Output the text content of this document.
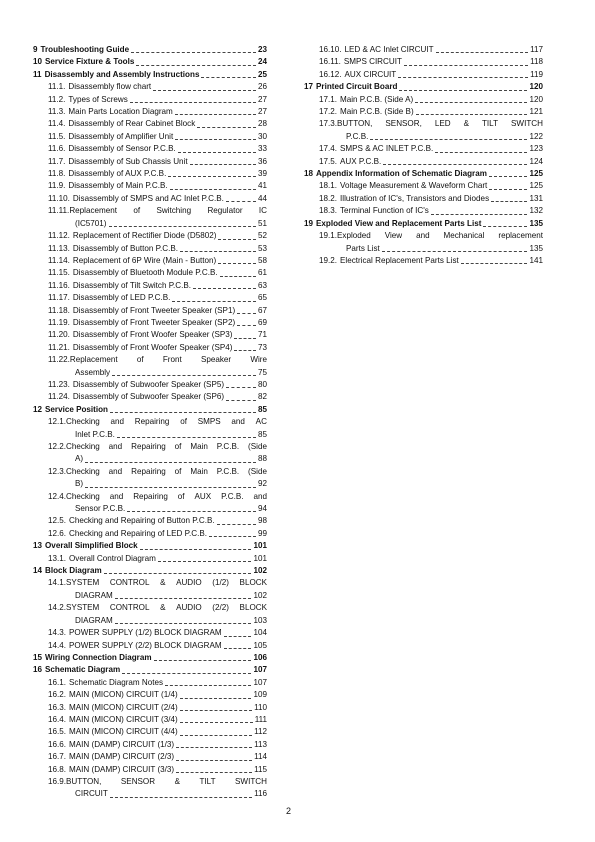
9 Troubleshooting Guide	23
10 Service Fixture & Tools	24
11 Disassembly and Assembly Instructions	25
11.1. Disassembly flow chart	26
11.2. Types of Screws	27
11.3. Main Parts Location Diagram	27
11.4. Disassembly of Rear Cabinet Block	28
11.5. Disassembly of Amplifier Unit	30
11.6. Disassembly of Sensor P.C.B.	33
11.7. Disassembly of Sub Chassis Unit	36
11.8. Disassembly of AUX P.C.B.	39
11.9. Disassembly of Main P.C.B.	41
11.10. Disassembly of SMPS and AC Inlet P.C.B.	44
11.11. Replacement of Switching Regulator IC
(IC5701)	51
11.12. Replacement of Rectifier Diode (D5802)	52
11.13. Disassembly of Button P.C.B.	53
11.14. Replacement of 6P Wire (Main - Button)	58
11.15. Disassembly of Bluetooth Module P.C.B.	61
11.16. Disassembly of Tilt Switch P.C.B.	63
11.17. Disassembly of LED P.C.B.	65
11.18. Disassembly of Front Tweeter Speaker (SP1)	67
11.19. Disassembly of Front Tweeter Speaker (SP2)	69
11.20. Disassembly of Front Woofer Speaker (SP3)	71
11.21. Disassembly of Front Woofer Speaker (SP4)	73
11.22. Replacement of Front Speaker Wire
Assembly	75
11.23. Disassembly of Subwoofer Speaker (SP5)	80
11.24. Disassembly of Subwoofer Speaker (SP6)	82
12 Service Position	85
12.1. Checking and Repairing of SMPS and AC
Inlet P.C.B.	85
12.2. Checking and Repairing of Main P.C.B. (Side
A)	88
12.3. Checking and Repairing of Main P.C.B. (Side
B)	92
12.4. Checking and Repairing of AUX P.C.B. and
Sensor P.C.B.	94
12.5. Checking and Repairing of Button P.C.B.	98
12.6. Checking and Repairing of LED P.C.B.	99
13 Overall Simplified Block	101
13.1. Overall Control Diagram	101
14 Block Diagram	102
14.1. SYSTEM CONTROL & AUDIO (1/2) BLOCK
DIAGRAM	102
14.2. SYSTEM CONTROL & AUDIO (2/2) BLOCK
DIAGRAM	103
14.3. POWER SUPPLY (1/2) BLOCK DIAGRAM	104
14.4. POWER SUPPLY (2/2) BLOCK DIAGRAM	105
15 Wiring Connection Diagram	106
16 Schematic Diagram	107
16.1. Schematic Diagram Notes	107
16.2. MAIN (MICON) CIRCUIT (1/4)	109
16.3. MAIN (MICON) CIRCUIT (2/4)	110
16.4. MAIN (MICON) CIRCUIT (3/4)	111
16.5. MAIN (MICON) CIRCUIT (4/4)	112
16.6. MAIN (DAMP) CIRCUIT (1/3)	113
16.7. MAIN (DAMP) CIRCUIT (2/3)	114
16.8. MAIN (DAMP) CIRCUIT (3/3)	115
16.9. BUTTON, SENSOR & TILT SWITCH
CIRCUIT	116
16.10. LED & AC Inlet CIRCUIT	117
16.11. SMPS CIRCUIT	118
16.12. AUX CIRCUIT	119
17 Printed Circuit Board	120
17.1. Main P.C.B. (Side A)	120
17.2. Main P.C.B. (Side B)	121
17.3. BUTTON, SENSOR, LED & TILT SWITCH
P.C.B.	122
17.4. SMPS & AC INLET P.C.B.	123
17.5. AUX P.C.B.	124
18 Appendix Information of Schematic Diagram	125
18.1. Voltage Measurement & Waveform Chart	125
18.2. Illustration of IC's, Transistors and Diodes	131
18.3. Terminal Function of IC's	132
19 Exploded View and Replacement Parts List	135
19.1. Exploded View and Mechanical replacement
Parts List	135
19.2. Electrical Replacement Parts List	141
2
